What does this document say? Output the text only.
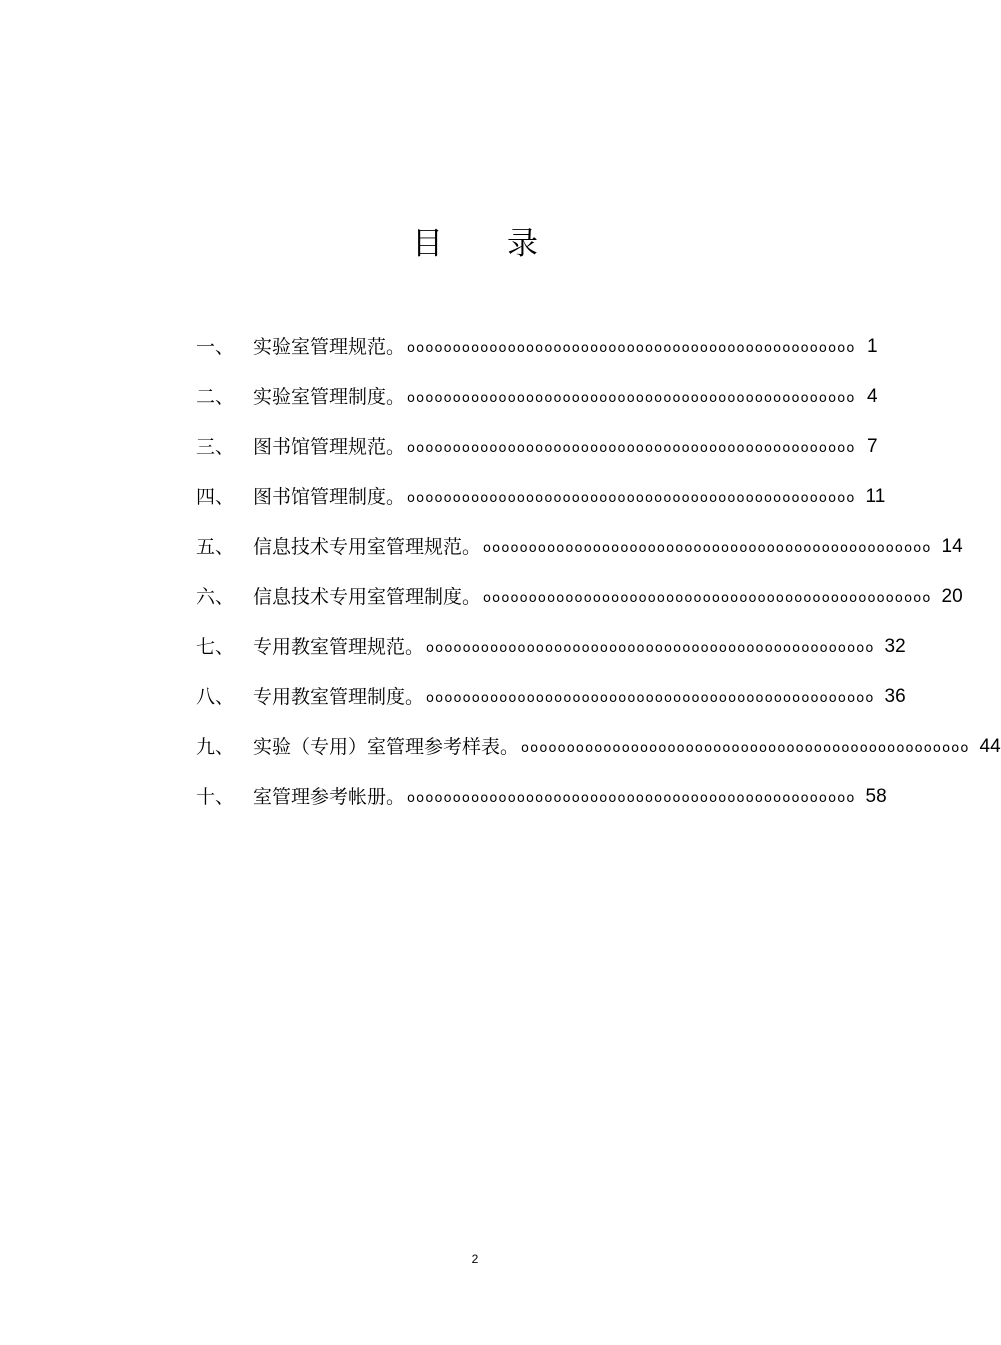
目 录
一、 实验室管理规范。 ooooooooooooooooooooooooooooooooooooooooooooooooo 1
二、 实验室管理制度。 ooooooooooooooooooooooooooooooooooooooooooooooooo 4
三、 图书馆管理规范。 ooooooooooooooooooooooooooooooooooooooooooooooooo 7
四、 图书馆管理制度。 ooooooooooooooooooooooooooooooooooooooooooooooooo 11
五、 信息技术专用室管理规范。 ooooooooooooooooooooooooooooooooooooooooooooooooo 14
六、 信息技术专用室管理制度。 ooooooooooooooooooooooooooooooooooooooooooooooooo 20
七、 专用教室管理规范。 ooooooooooooooooooooooooooooooooooooooooooooooooo 32
八、 专用教室管理制度。 ooooooooooooooooooooooooooooooooooooooooooooooooo 36
九、 实验（专用）室管理参考样表。 ooooooooooooooooooooooooooooooooooooooooooooooooo 44
十、 室管理参考帐册。 ooooooooooooooooooooooooooooooooooooooooooooooooo 58
2
